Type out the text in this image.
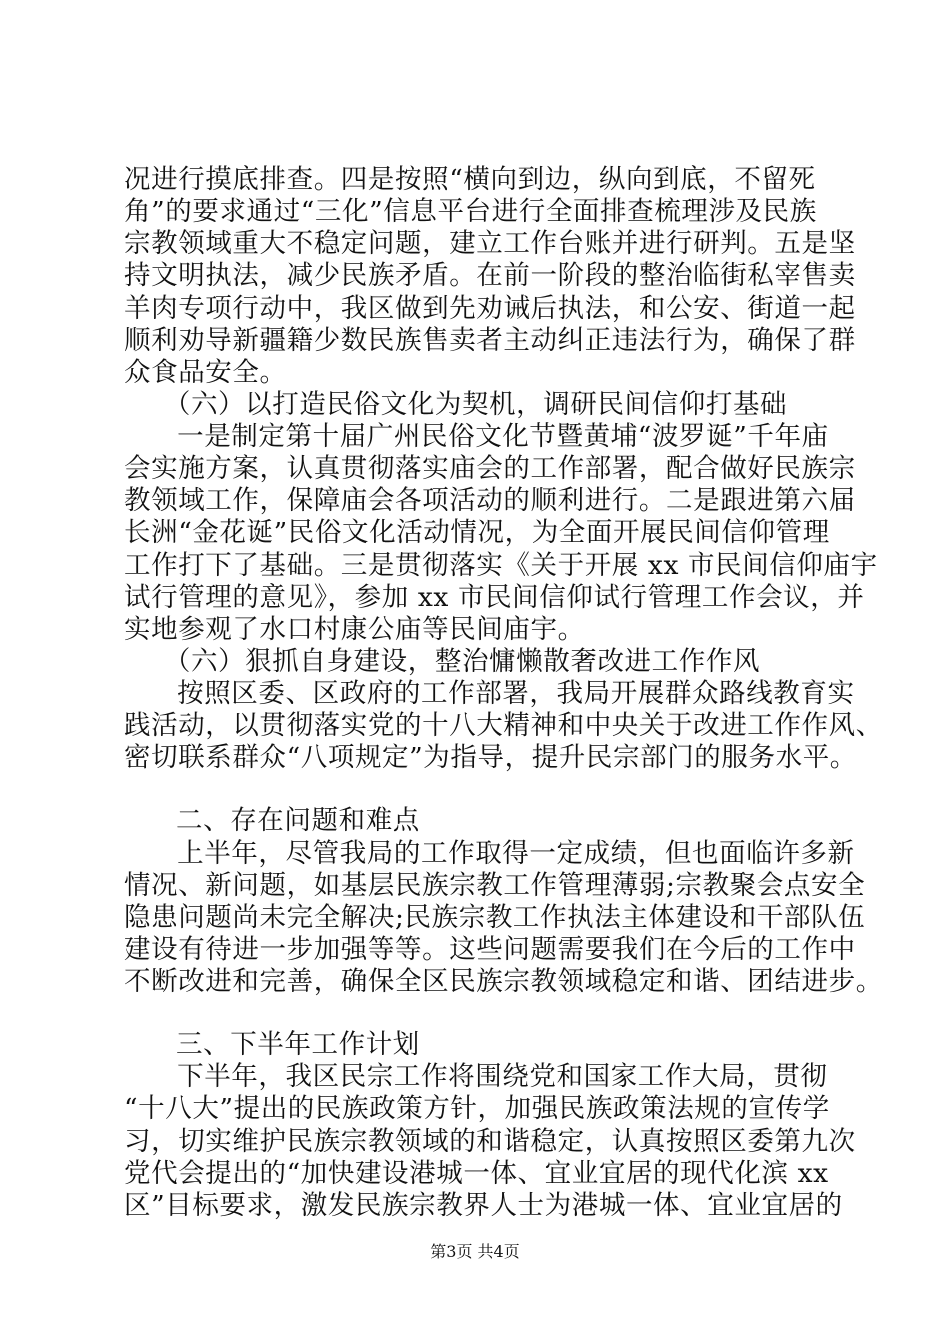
况进行摸底排查。四是按照“横向到边，纵向到底，不留死
角”的要求通过“三化”信息平台进行全面排查梳理涉及民族
宗教领域重大不稳定问题，建立工作台账并进行研判。五是坚
持文明执法，减少民族矛盾。在前一阶段的整治临街私宰售卖
羊肉专项行动中，我区做到先劝诫后执法，和公安、街道一起
顺利劝导新疆籍少数民族售卖者主动纠正违法行为，确保了群
众食品安全。
　（六）以打造民俗文化为契机，调研民间信仰打基础
　一是制定第十届广州民俗文化节暨黄埔“波罗诞”千年庙
会实施方案，认真贯彻落实庙会的工作部署，配合做好民族宗
教领域工作，保障庙会各项活动的顺利进行。二是跟进第六届
长洲“金花诞”民俗文化活动情况，为全面开展民间信仰管理
工作打下了基础。三是贯彻落实《关于开展 xx 市民间信仰庙宇
试行管理的意见》，参加 xx 市民间信仰试行管理工作会议，并
实地参观了水口村康公庙等民间庙宇。
　（六）狠抓自身建设，整治慵懒散奢改进工作作风
　按照区委、区政府的工作部署，我局开展群众路线教育实
践活动，以贯彻落实党的十八大精神和中央关于改进工作作风、
密切联系群众“八项规定”为指导，提升民宗部门的服务水平。
二、存在问题和难点
　上半年，尽管我局的工作取得一定成绩，但也面临许多新
情况、新问题，如基层民族宗教工作管理薄弱;宗教聚会点安全
隐患问题尚未完全解决;民族宗教工作执法主体建设和干部队伍
建设有待进一步加强等等。这些问题需要我们在今后的工作中
不断改进和完善，确保全区民族宗教领域稳定和谐、团结进步。
三、下半年工作计划
　下半年，我区民宗工作将围绕党和国家工作大局，贯彻
“十八大”提出的民族政策方针，加强民族政策法规的宣传学
习，切实维护民族宗教领域的和谐稳定，认真按照区委第九次
党代会提出的“加快建设港城一体、宜业宜居的现代化滨 xx
区”目标要求，激发民族宗教界人士为港城一体、宜业宜居的
第3页 共4页
